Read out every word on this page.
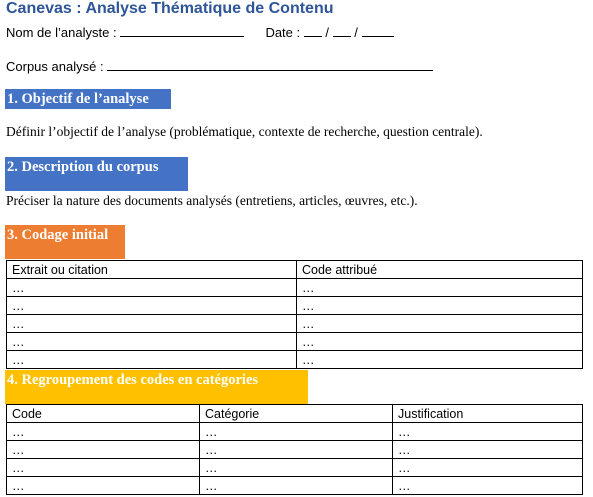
Canevas : Analyse Thématique de Contenu
Nom de l’analyste :	Date : / /
Corpus analysé :
1. Objectif de l’analyse
Définir l’objectif de l’analyse (problématique, contexte de recherche, question centrale).
2. Description du corpus
Préciser la nature des documents analysés (entretiens, articles, œuvres, etc.).
3. Codage initial
Extrait ou citation	Code attribué
…	…
…	…
…	…
…	…
…	…
4. Regroupement des codes en catégories
Code	Catégorie	Justification
…	…	…
…	…	…
…	…	…
…	…	…
